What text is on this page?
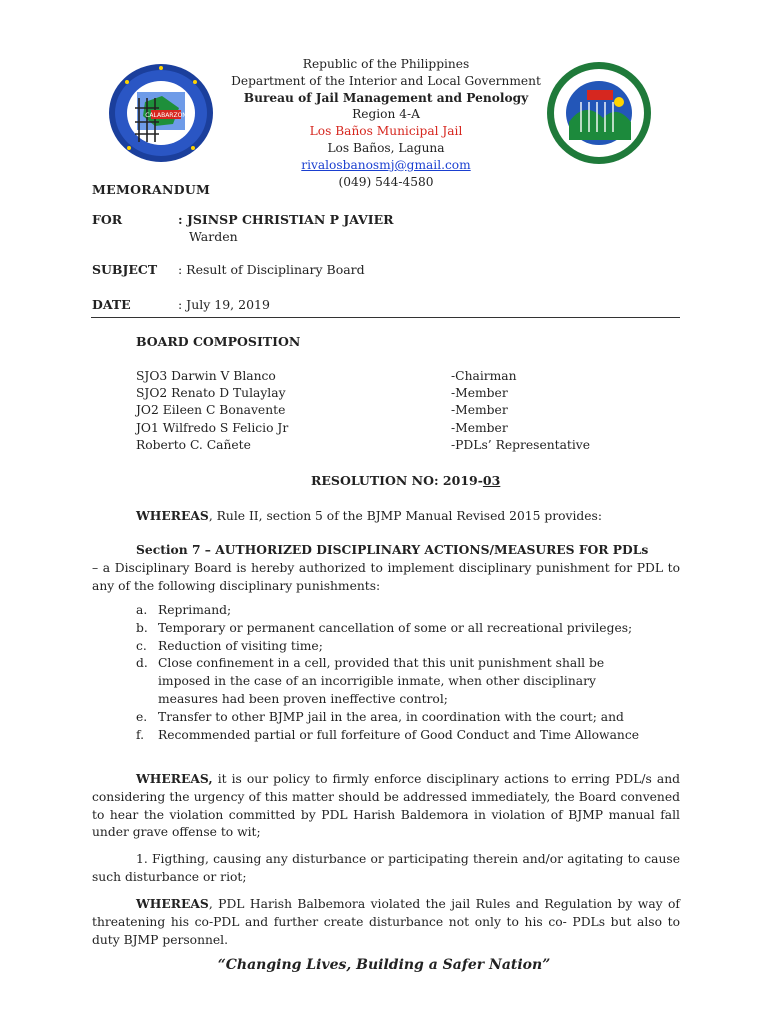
CALABARZON
Republic of the Philippines
Department of the Interior and Local Government
Bureau of Jail Management and Penology
Region 4-A
Los Baños Municipal Jail
Los Baños, Laguna
rivalosbanosmj@gmail.com
(049) 544-4580
MEMORANDUM
FOR	: JSINSP CHRISTIAN P JAVIER
Warden
SUBJECT : Result of Disciplinary Board
DATE	: July 19, 2019
BOARD COMPOSITION
SJO3 Darwin V Blanco	-Chairman
SJO2 Renato D Tulaylay	-Member
JO2 Eileen C Bonavente	-Member
JO1 Wilfredo S Felicio Jr	-Member
Roberto C. Cañete	-PDLs’ Representative
RESOLUTION NO: 2019-03
WHEREAS, Rule II, section 5 of the BJMP Manual Revised 2015 provides:
Section 7 – AUTHORIZED DISCIPLINARY ACTIONS/MEASURES FOR PDLs
– a Disciplinary Board is hereby authorized to implement disciplinary punishment for PDL to any of the following disciplinary punishments:
a. Reprimand;
b. Temporary or permanent cancellation of some or all recreational privileges;
c. Reduction of visiting time;
d. Close confinement in a cell, provided that this unit punishment shall be imposed in the case of an incorrigible inmate, when other disciplinary measures had been proven ineffective control;
e. Transfer to other BJMP jail in the area, in coordination with the court; and
f.	Recommended partial or full forfeiture of Good Conduct and Time Allowance
WHEREAS, it is our policy to firmly enforce disciplinary actions to erring PDL/s and considering the urgency of this matter should be addressed immediately, the Board convened to hear the violation committed by PDL Harish Baldemora in violation of BJMP manual fall under grave offense to wit;
1. Figthing, causing any disturbance or participating therein and/or agitating to cause such disturbance or riot;
WHEREAS, PDL Harish Balbemora violated the jail Rules and Regulation by way of threatening his co-PDL and further create disturbance not only to his co- PDLs but also to duty BJMP personnel.
“Changing Lives, Building a Safer Nation”
